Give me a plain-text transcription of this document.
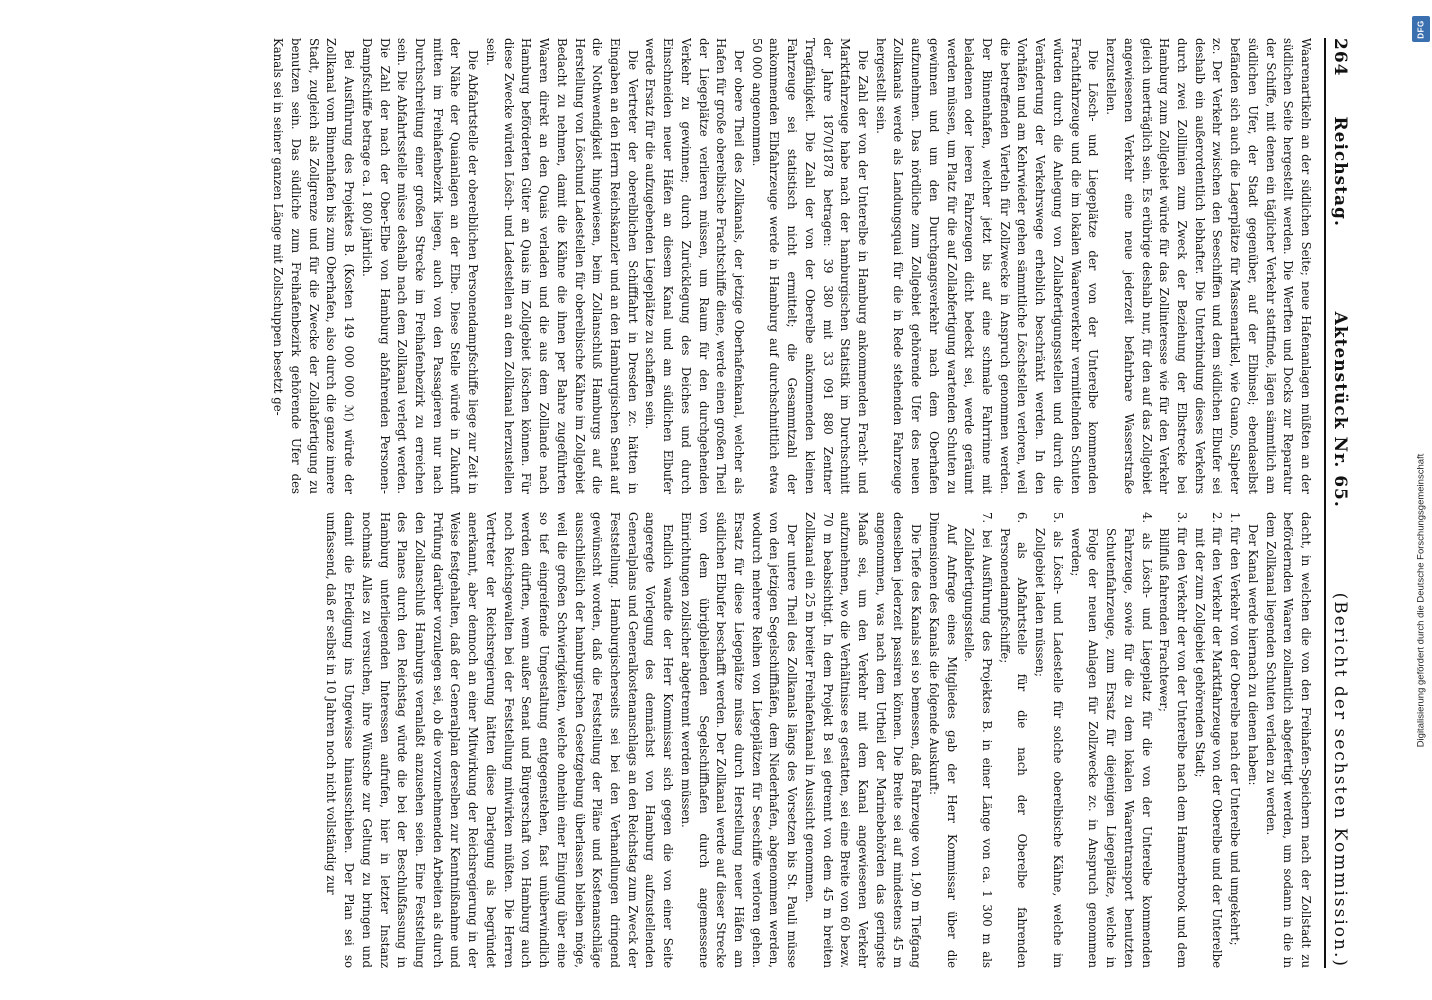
264
Reichstag.
Aktenstück Nr. 65.
(Bericht der sechsten Kommission.)

Waarenartikeln an der südlichen Seite; neue Hafenanlagen müßten an der südlichen Seite hergestellt werden. Die Werften und Docks zur Reparatur der Schiffe, mit denen ein täglicher Verkehr stattfinde, lägen sämmtlich am südlichen Ufer, der Stadt gegenüber, auf der Elbinsel; ebendaselbst befänden sich auch die Lagerplätze für Massenartikel, wie Guano, Salpeter zc. Der Verkehr zwischen den Seeschiffen und dem südlichen Elbufer sei deshalb ein außerordentlich lebhafter. Die Unterbindung dieses Verkehrs durch zwei Zolllinien zum Zweck der Beziehung der Elbstrecke bei Hamburg zum Zollgebiet würde für das Zollinteresse wie für den Verkehr gleich unerträglich sein. Es erübrige deshalb nur, für den auf das Zollgebiet angewiesenen Verkehr eine neue jederzeit befahrbare Wasserstraße herzustellen.

Die Lösch- und Liegeplätze der von der Unterelbe kommenden Frachtfahrzeuge und die im lokalen Waarenverkehr vermittelnden Schuten würden durch die Anlegung von Zollabfertigungsstellen und durch die Veränderung der Verkehrswege erheblich beschränkt werden. In den Vorhäfen und am Kehrwieder gehen sämmtliche Löschstellen verloren, weil die betreffenden Vierteln für Zollzwecke in Anspruch genommen werden. Der Binnenhafen, welcher jetzt bis auf eine schmale Fahrrinne mit beladenen oder leeren Fahrzeugen dicht bedeckt sei, werde geräumt werden müssen, um Platz für die auf Zollabfertigung wartenden Schuten zu gewinnen und um den Durchgangsverkehr nach dem Oberhafen aufzunehmen. Das nördliche zum Zollgebiet gehörende Ufer des neuen Zollkanals werde als Landungsquai für die in Rede stehenden Fahrzeuge hergestellt sein.

Die Zahl der von der Unterelbe in Hamburg ankommenden Fracht- und Marktfahrzeuge habe nach der hamburgischen Statistik im Durchschnitt der Jahre 1870/1878 betragen: 39 380 mit 33 091 880 Zentner Tragfähigkeit. Die Zahl der von der Oberelbe ankommenden kleinen Fahrzeuge sei statistisch nicht ermittelt; die Gesammtzahl der ankommenden Elbfahrzeuge werde in Hamburg auf durchschnittlich etwa 50 000 angenommen.

Der obere Theil des Zollkanals, der jetzige Oberhafenkanal, welcher als Hafen für große oberelbische Frachtschiffe diene, werde einen großen Theil der Liegeplätze verlieren müssen, um Raum für den durchgehenden Verkehr zu gewinnen; durch Zurücklegung des Deiches und durch Einschneiden neuer Häfen an diesem Kanal und am südlichen Elbufer werde Ersatz für die aufzugebenden Liegeplätze zu schaffen sein.

Die Vertreter der oberelblichen Schifffahrt in Dresden zc. hätten in Eingaben an den Herrn Reichskanzler und an den Hamburgischen Senat auf die Nothwendigkeit hingewiesen, beim Zollanschluß Hamburgs auf die Herstellung von Löschund Ladestellen für oberelbische Kähne im Zollgebiet Bedacht zu nehmen, damit die Kähne die ihnen per Bahre zugeführten Waaren direkt an den Quais verladen und die aus dem Zolllande nach Hamburg beförderten Güter an Quais im Zollgebiet löschen können. Für diese Zwecke würden Lösch- und Ladestellen an dem Zollkanal herzustellen sein.

Die Abfahrtstelle der oberelblichen Personendampfschiffe liege zur Zeit in der Nähe der Quaianlagen an der Elbe. Diese Stelle würde in Zukunft mitten im Freihafenbezirk liegen, auch von den Passagieren nur nach Durchschreitung einer großen Strecke im Freihafenbezirk zu erreichen sein. Die Abfahrtsstelle müsse deshalb nach dem Zollkanal verlegt werden. Die Zahl der nach der Ober-Elbe von Hamburg abfahrenden Personen-Dampfschiffe betrage ca. 1 800 jährlich.

Bei Ausführung des Projektes B. (Kosten 149 000 000 ℳ) würde der Zollkanal vom Binnenhafen bis zum Oberhafen, also durch die ganze innere Stadt, zugleich als Zollgrenze und für die Zwecke der Zollabfertigung zu benutzen sein. Das südliche zum Freihafenbezirk gehörende Ufer des Kanals sei in seiner ganzen Länge mit Zollschuppen besetzt ge-

dacht, in welchen die von den Freihafen-Speichern nach der Zollstadt zu befördernden Waaren zollamtlich abgefertigt werden, um sodann in die in dem Zollkanal liegenden Schuten verladen zu werden.

Der Kanal werde hiernach zu dienen haben:

1. für den Verkehr von der Oberelbe nach der Unterelbe und umgekehrt;

2. für den Verkehr der Marktfahrzeuge von der Oberelbe und der Unterelbe mit der zum Zollgebiet gehörenden Stadt;

3. für den Verkehr der von der Unterelbe nach dem Hammerbrook und dem Billfluß fahrenden Frachtewer;

4. als Lösch- und Liegeplatz für die von der Unterelbe kommenden Fahrzeuge, sowie für die zu dem lokalen Waarentransport benutzten Schutenfahrzeuge, zum Ersatz für diejenigen Liegeplätze, welche in Folge der neuen Anlagen für Zollzwecke zc. in Anspruch genommen werden;

5. als Lösch- und Ladestelle für solche oberelbische Kähne, welche im Zollgebiet laden müssen;

6. als Abfahrtstelle für die nach der Oberelbe fahrenden Personendampfschiffe;

7. bei Ausführung des Projektes B. in einer Länge von ca. 1 300 m als Zollabfertigungsstelle.

Auf Anfrage eines Mitgliedes gab der Herr Kommissar über die Dimensionen des Kanals die folgende Auskunft:

Die Tiefe des Kanals sei so bemessen, daß Fahrzeuge von 1,90 m Tiefgang denselben jederzeit passiren können. Die Breite sei auf mindestens 45 m angenommen, was nach dem Urtheil der Marinebehörden das geringste Maaß sei, um den Verkehr mit dem Kanal angewiesenen Verkehr aufzunehmen, wo die Verhältnisse es gestatten, sei eine Breite von 60 bezw. 70 m beabsichtigt. In dem Projekt B sei getrennt von dem 45 m breiten Zollkanal ein 25 m breiter Freihafenkanal in Aussicht genommen.

Der untere Theil des Zollkanals längs des Vorsetzen bis St. Pauli müsse von den jetzigen Segelschiffhäfen, dem Niederhafen, abgenommen werden, wodurch mehrere Reihen von Liegeplätzen für Seeschiffe verloren gehen. Ersatz für diese Liegeplätze müsse durch Herstellung neuer Häfen am südlichen Elbufer beschafft werden. Der Zollkanal werde auf dieser Strecke von dem übrigbleibenden Segelschiffhafen durch angemessene Einrichtungen zollsicher abgetrennt werden müssen.

Endlich wandte der Herr Kommissar sich gegen die von einer Seite angeregte Vorlegung des demnächst von Hamburg aufzustellenden Generalplans und Generalkostenanschlags an den Reichstag zum Zweck der Feststellung. Hamburgischerseits sei bei den Verhandlungen dringend gewünscht worden, daß die Feststellung der Pläne und Kostenanschläge ausschließlich der hamburgischen Gesetzgebung überlassen bleiben möge, weil die großen Schwierigkeiten, welche ohnehin einer Einigung über eine so tief eingreifende Umgestaltung entgegenstehen, fast unüberwindlich werden dürften, wenn außer Senat und Bürgerschaft von Hamburg auch noch Reichsgewalten bei der Feststellung mitwirken müßten. Die Herren Vertreter der Reichsregierung hätten diese Darlegung als begründet anerkannt, aber dennoch an einer Mitwirkung der Reichsregierung in der Weise festgehalten, daß der Generalplan derselben zur Kenntnißnahme und Prüfung darüber vorzulegen sei, ob die vorzunehmenden Arbeiten als durch den Zollanschluß Hamburgs veranlaßt anzusehen seien. Eine Feststellung des Planes durch den Reichstag würde die bei der Beschlußfassung in Hamburg unterliegenden Interessen aufrufen, hier in letzter Instanz nochmals Alles zu versuchen, ihre Wünsche zur Geltung zu bringen und damit die Erledigung ins Ungewisse hinausschieben. Der Plan sei so umfassend, daß er selbst in 10 Jahren noch nicht vollständig zur

DFG
Digitalisierung gefördert durch die Deutsche Forschungsgemeinschaft
